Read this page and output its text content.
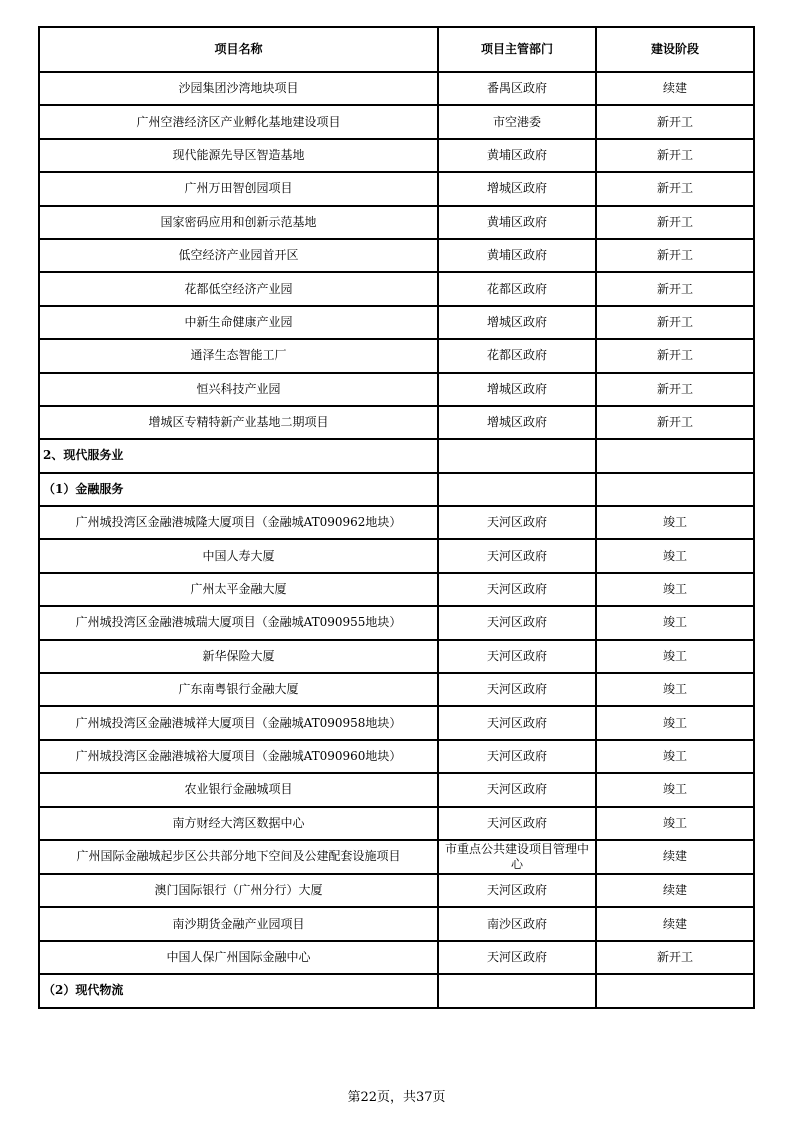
项目名称	项目主管部门	建设阶段
沙园集团沙湾地块项目	番禺区政府	续建
广州空港经济区产业孵化基地建设项目	市空港委	新开工
现代能源先导区智造基地	黄埔区政府	新开工
广州万田智创园项目	增城区政府	新开工
国家密码应用和创新示范基地	黄埔区政府	新开工
低空经济产业园首开区	黄埔区政府	新开工
花都低空经济产业园	花都区政府	新开工
中新生命健康产业园	增城区政府	新开工
通泽生态智能工厂	花都区政府	新开工
恒兴科技产业园	增城区政府	新开工
增城区专精特新产业基地二期项目	增城区政府	新开工
2、现代服务业		
（1）金融服务		
广州城投湾区金融港城隆大厦项目（金融城AT090962地块）	天河区政府	竣工
中国人寿大厦	天河区政府	竣工
广州太平金融大厦	天河区政府	竣工
广州城投湾区金融港城瑞大厦项目（金融城AT090955地块）	天河区政府	竣工
新华保险大厦	天河区政府	竣工
广东南粤银行金融大厦	天河区政府	竣工
广州城投湾区金融港城祥大厦项目（金融城AT090958地块）	天河区政府	竣工
广州城投湾区金融港城裕大厦项目（金融城AT090960地块）	天河区政府	竣工
农业银行金融城项目	天河区政府	竣工
南方财经大湾区数据中心	天河区政府	竣工
广州国际金融城起步区公共部分地下空间及公建配套设施项目	市重点公共建设项目管理中心	续建
澳门国际银行（广州分行）大厦	天河区政府	续建
南沙期货金融产业园项目	南沙区政府	续建
中国人保广州国际金融中心	天河区政府	新开工
（2）现代物流		
第22页，共37页
